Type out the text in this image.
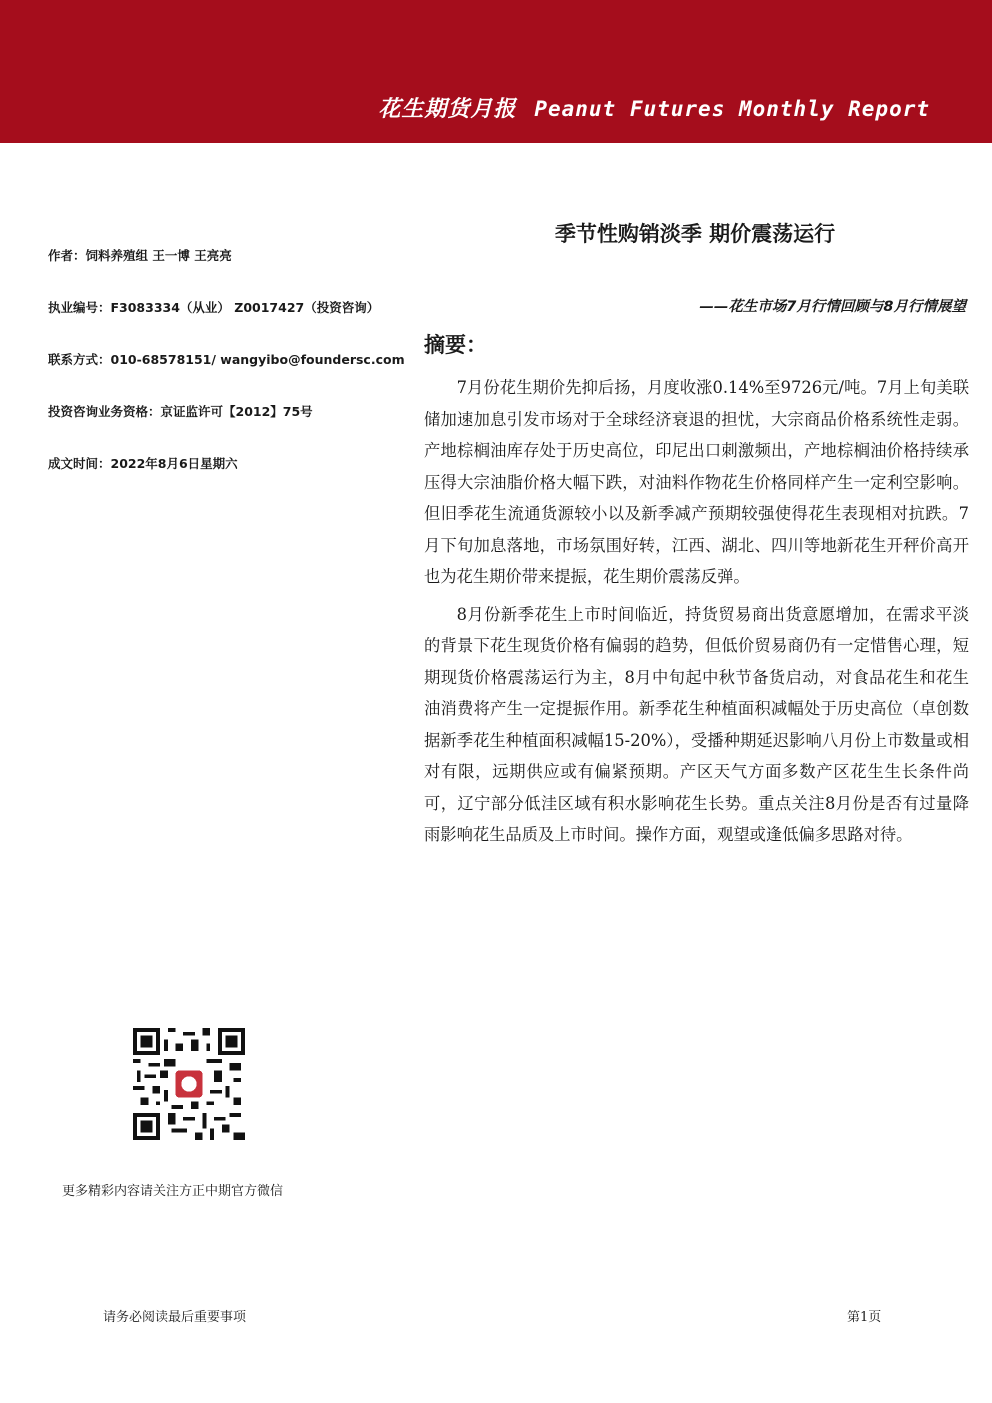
花生期货月报 Peanut Futures Monthly Report
作者：饲料养殖组 王一博 王亮亮
执业编号：F3083334（从业） Z0017427（投资咨询）
联系方式：010-68578151/ wangyibo@foundersc.com
投资咨询业务资格：京证监许可【2012】75号
成文时间：2022年8月6日星期六
季节性购销淡季 期价震荡运行
——花生市场7月行情回顾与8月行情展望
摘要：

7月份花生期价先抑后扬，月度收涨0.14%至9726元/吨。7月上旬美联储加速加息引发市场对于全球经济衰退的担忧，大宗商品价格系统性走弱。产地棕榈油库存处于历史高位，印尼出口刺激频出，产地棕榈油价格持续承压得大宗油脂价格大幅下跌，对油料作物花生价格同样产生一定利空影响。但旧季花生流通货源较小以及新季减产预期较强使得花生表现相对抗跌。7月下旬加息落地，市场氛围好转，江西、湖北、四川等地新花生开秤价高开也为花生期价带来提振，花生期价震荡反弹。

8月份新季花生上市时间临近，持货贸易商出货意愿增加，在需求平淡的背景下花生现货价格有偏弱的趋势，但低价贸易商仍有一定惜售心理，短期现货价格震荡运行为主，8月中旬起中秋节备货启动，对食品花生和花生油消费将产生一定提振作用。新季花生种植面积减幅处于历史高位（卓创数据新季花生种植面积减幅15-20%），受播种期延迟影响八月份上市数量或相对有限，远期供应或有偏紧预期。产区天气方面多数产区花生生长条件尚可，辽宁部分低洼区域有积水影响花生长势。重点关注8月份是否有过量降雨影响花生品质及上市时间。操作方面，观望或逢低偏多思路对待。

更多精彩内容请关注方正中期官方微信
请务必阅读最后重要事项	第1页
